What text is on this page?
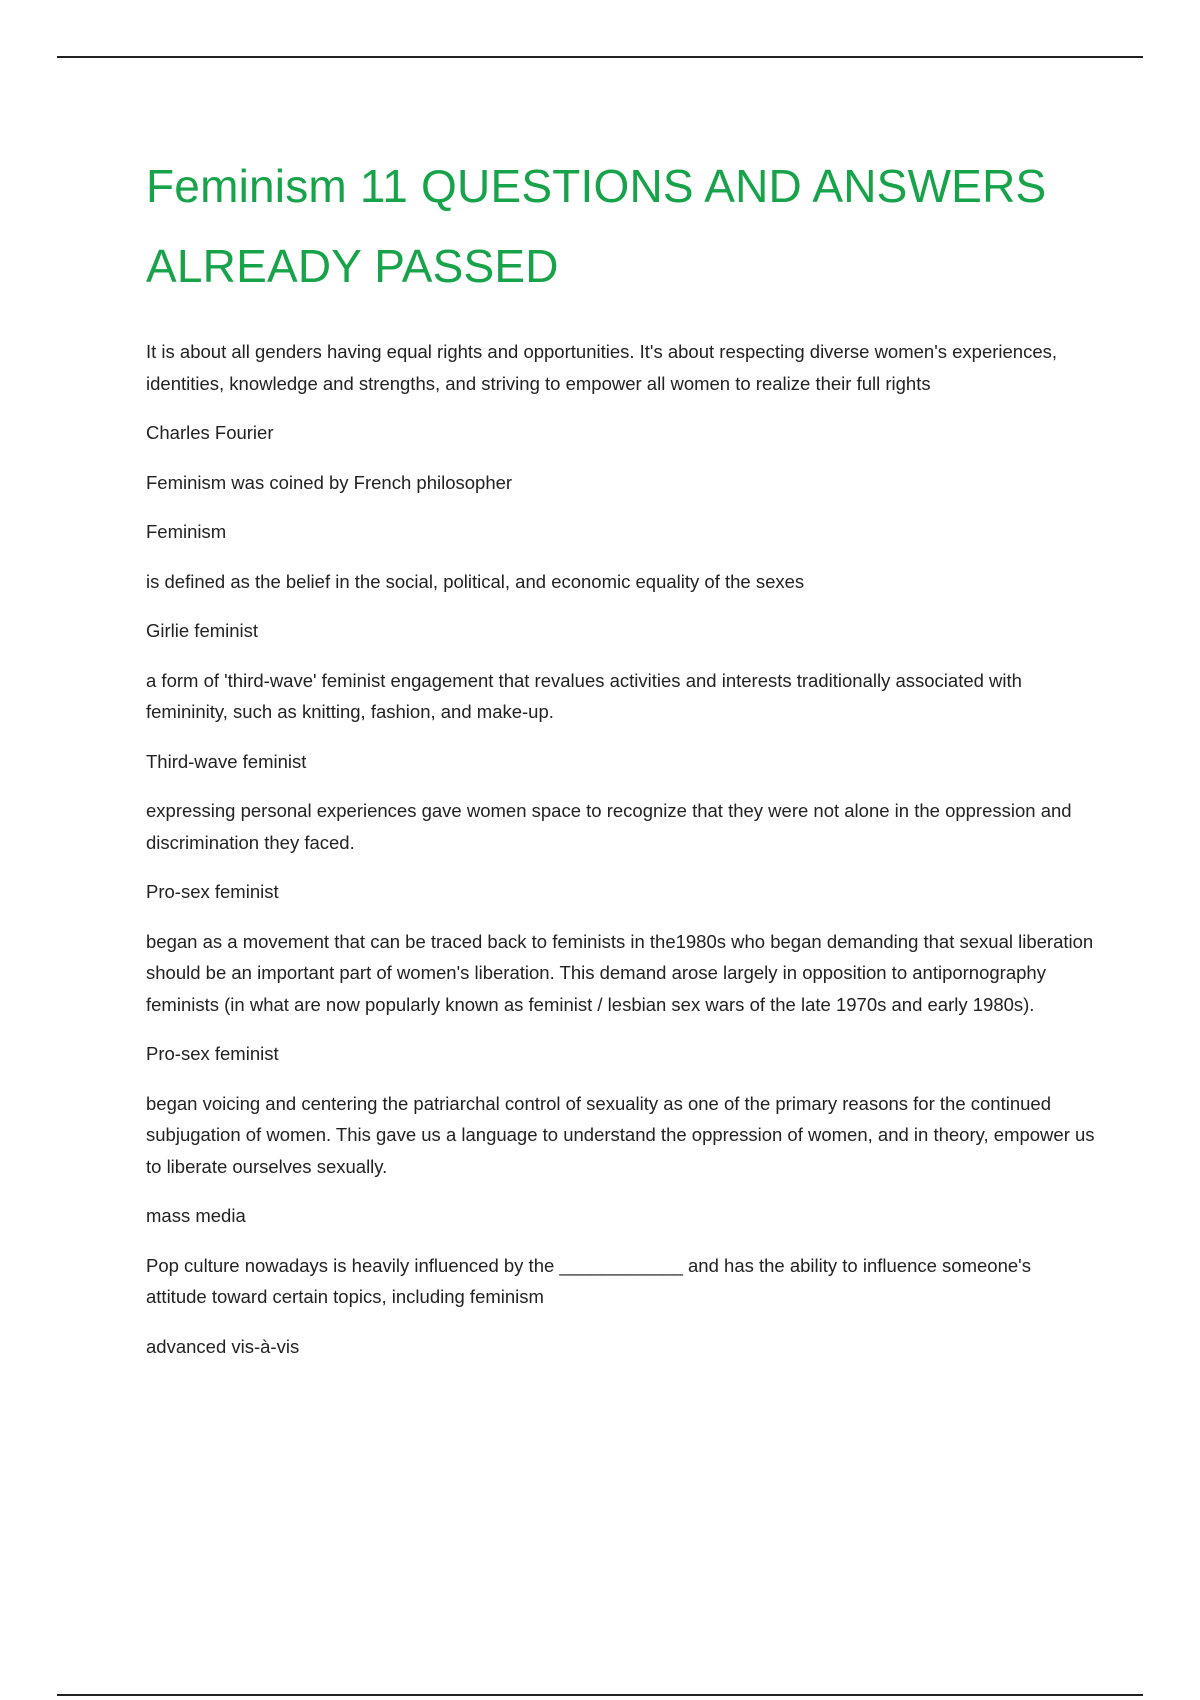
Feminism 11 QUESTIONS AND ANSWERS ALREADY PASSED

It is about all genders having equal rights and opportunities. It's about respecting diverse women's experiences, identities, knowledge and strengths, and striving to empower all women to realize their full rights

Charles Fourier

Feminism was coined by French philosopher

Feminism

is defined as the belief in the social, political, and economic equality of the sexes

Girlie feminist

a form of 'third-wave' feminist engagement that revalues activities and interests traditionally associated with femininity, such as knitting, fashion, and make-up.

Third-wave feminist

expressing personal experiences gave women space to recognize that they were not alone in the oppression and discrimination they faced.

Pro-sex feminist

began as a movement that can be traced back to feminists in the1980s who began demanding that sexual liberation should be an important part of women's liberation. This demand arose largely in opposition to antipornography feminists (in what are now popularly known as feminist / lesbian sex wars of the late 1970s and early 1980s).

Pro-sex feminist

began voicing and centering the patriarchal control of sexuality as one of the primary reasons for the continued subjugation of women. This gave us a language to understand the oppression of women, and in theory, empower us to liberate ourselves sexually.

mass media

Pop culture nowadays is heavily influenced by the ____________ and has the ability to influence someone's attitude toward certain topics, including feminism

advanced vis-à-vis
